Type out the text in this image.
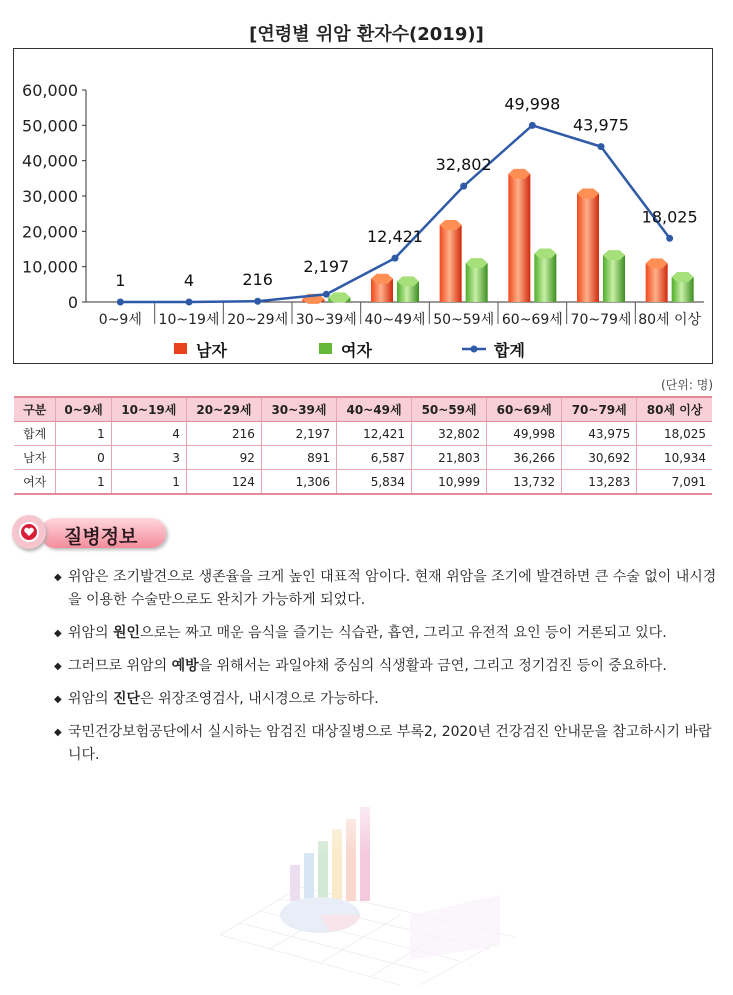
[연령별 위암 환자수(2019)]
0
10,000
20,000
30,000
40,000
50,000
60,000
0~9세 10~19세 20~29세 30~39세 40~49세 50~59세 60~69세 70~79세 80세 이상
1	4	216
2,197
12,421
32,802
49,998
43,975
18,025
남자	여자	합계
(단위: 명)
구분	0~9세	10~19세	20~29세	30~39세	40~49세	50~59세	60~69세	70~79세	80세 이상
합계	1	4	216	2,197	12,421	32,802	49,998	43,975	18,025
남자	0	3	92	891	6,587	21,803	36,266	30,692	10,934
여자	1	1	124	1,306	5,834	10,999	13,732	13,283	7,091
질병정보
◆ 위암은 조기발견으로 생존율을 크게 높인 대표적 암이다. 현재 위암을 조기에 발견하면 큰 수술 없이 내시경을 이용한 수술만으로도 완치가 가능하게 되었다.
◆ 위암의 원인으로는 짜고 매운 음식을 즐기는 식습관, 흡연, 그리고 유전적 요인 등이 거론되고 있다.
◆ 그러므로 위암의 예방을 위해서는 과일야채 중심의 식생활과 금연, 그리고 정기검진 등이 중요하다.
◆ 위암의 진단은 위장조영검사, 내시경으로 가능하다.
◆ 국민건강보험공단에서 실시하는 암검진 대상질병으로 부록2, 2020년 건강검진 안내문을 참고하시기 바랍니다.
